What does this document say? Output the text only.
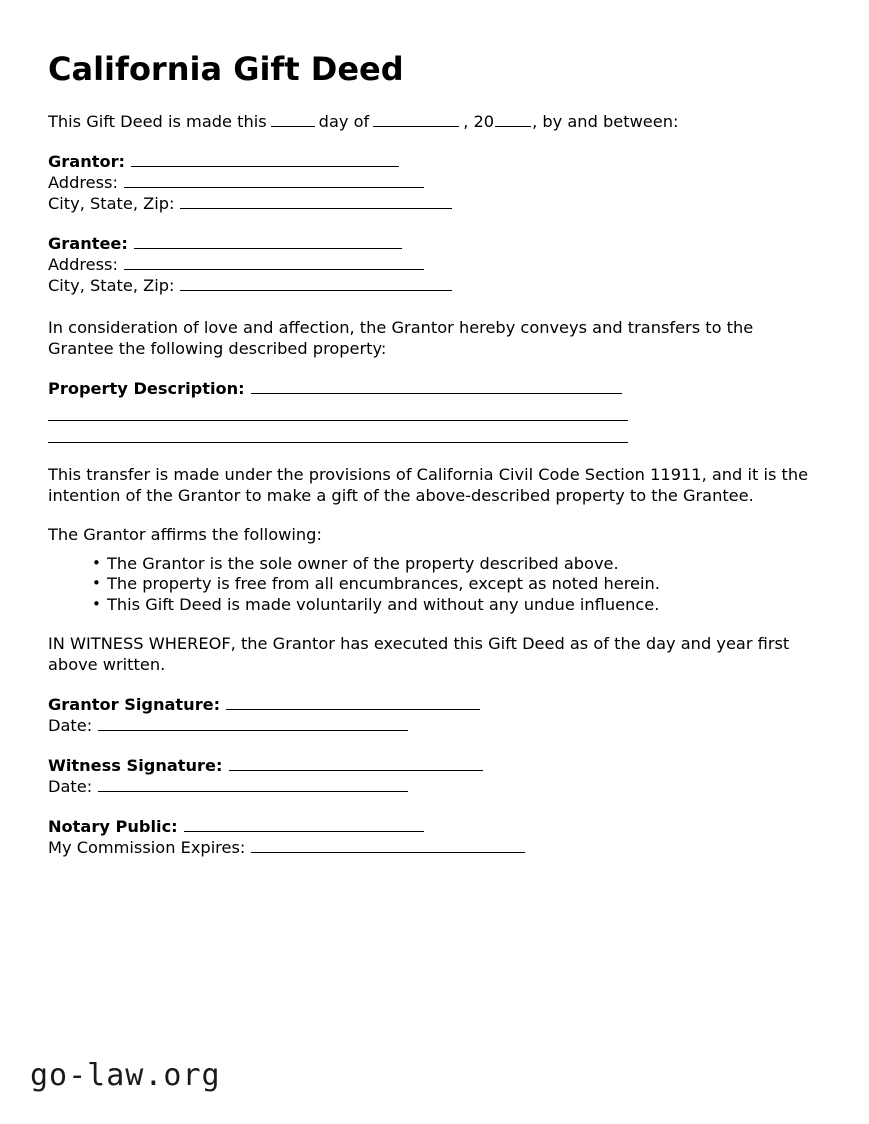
California Gift Deed

This Gift Deed is made this	day of	, 20 , by and between:

Grantor:
Address:
City, State, Zip:
Grantee:
Address:
City, State, Zip:

In consideration of love and affection, the Grantor hereby conveys and transfers to the Grantee the following described property:

Property Description:

This transfer is made under the provisions of California Civil Code Section 11911, and it is the intention of the Grantor to make a gift of the above-described property to the Grantee.

The Grantor affirms the following:

• The Grantor is the sole owner of the property described above.
• The property is free from all encumbrances, except as noted herein.
• This Gift Deed is made voluntarily and without any undue influence.

IN WITNESS WHEREOF, the Grantor has executed this Gift Deed as of the day and year first above written.

Grantor Signature:
Date:
Witness Signature:
Date:
Notary Public:
My Commission Expires:
go-law.org
